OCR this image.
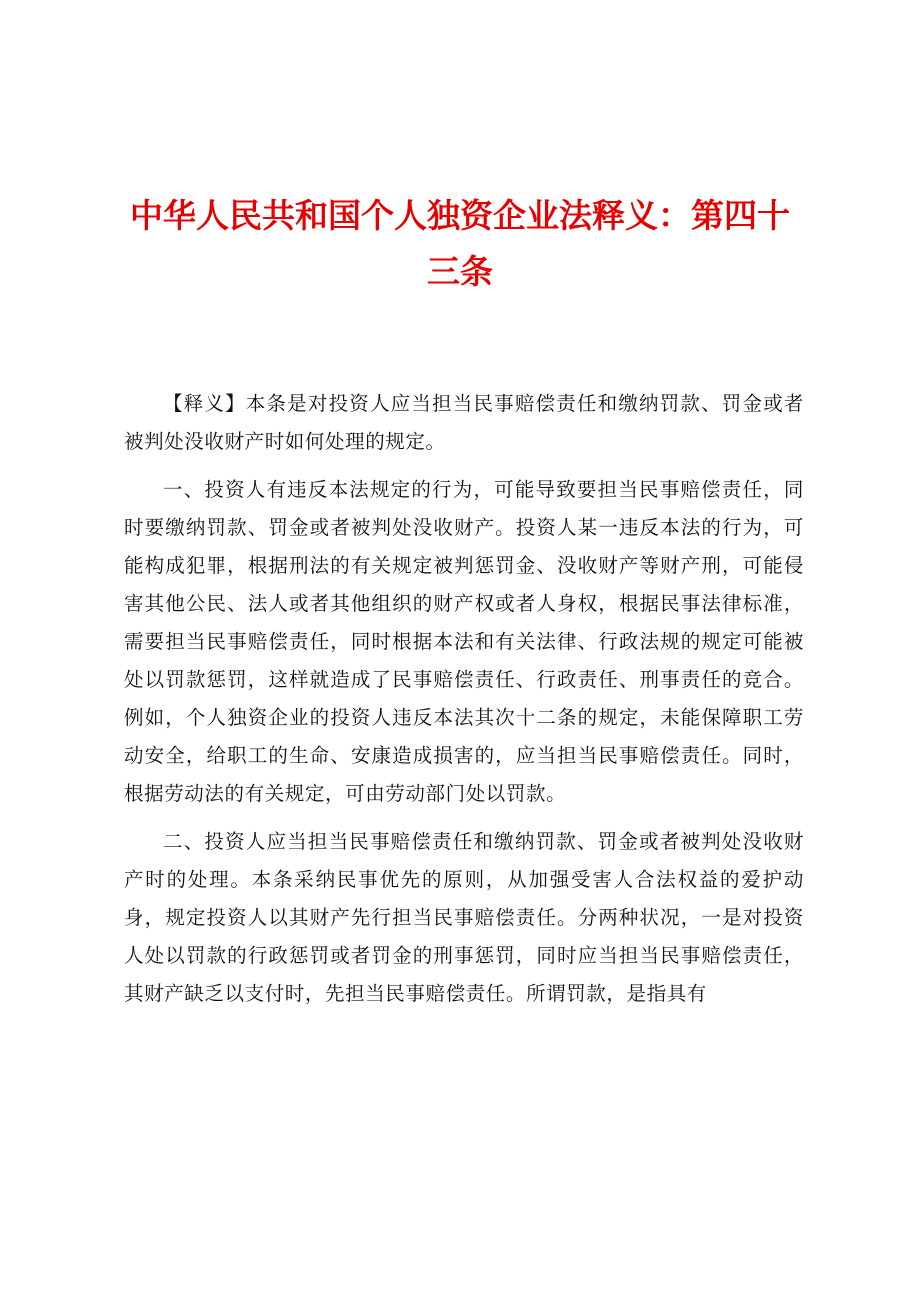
中华人民共和国个人独资企业法释义：第四十
三条

【释义】本条是对投资人应当担当民事赔偿责任和缴纳罚款、罚金或者被判处没收财产时如何处理的规定。

一、投资人有违反本法规定的行为，可能导致要担当民事赔偿责任，同时要缴纳罚款、罚金或者被判处没收财产。投资人某一违反本法的行为，可能构成犯罪，根据刑法的有关规定被判惩罚金、没收财产等财产刑，可能侵害其他公民、法人或者其他组织的财产权或者人身权，根据民事法律标准，需要担当民事赔偿责任，同时根据本法和有关法律、行政法规的规定可能被处以罚款惩罚，这样就造成了民事赔偿责任、行政责任、刑事责任的竞合。例如，个人独资企业的投资人违反本法其次十二条的规定，未能保障职工劳动安全，给职工的生命、安康造成损害的，应当担当民事赔偿责任。同时，根据劳动法的有关规定，可由劳动部门处以罚款。

二、投资人应当担当民事赔偿责任和缴纳罚款、罚金或者被判处没收财产时的处理。本条采纳民事优先的原则，从加强受害人合法权益的爱护动身，规定投资人以其财产先行担当民事赔偿责任。分两种状况，一是对投资人处以罚款的行政惩罚或者罚金的刑事惩罚，同时应当担当民事赔偿责任，其财产缺乏以支付时，先担当民事赔偿责任。所谓罚款，是指具有
